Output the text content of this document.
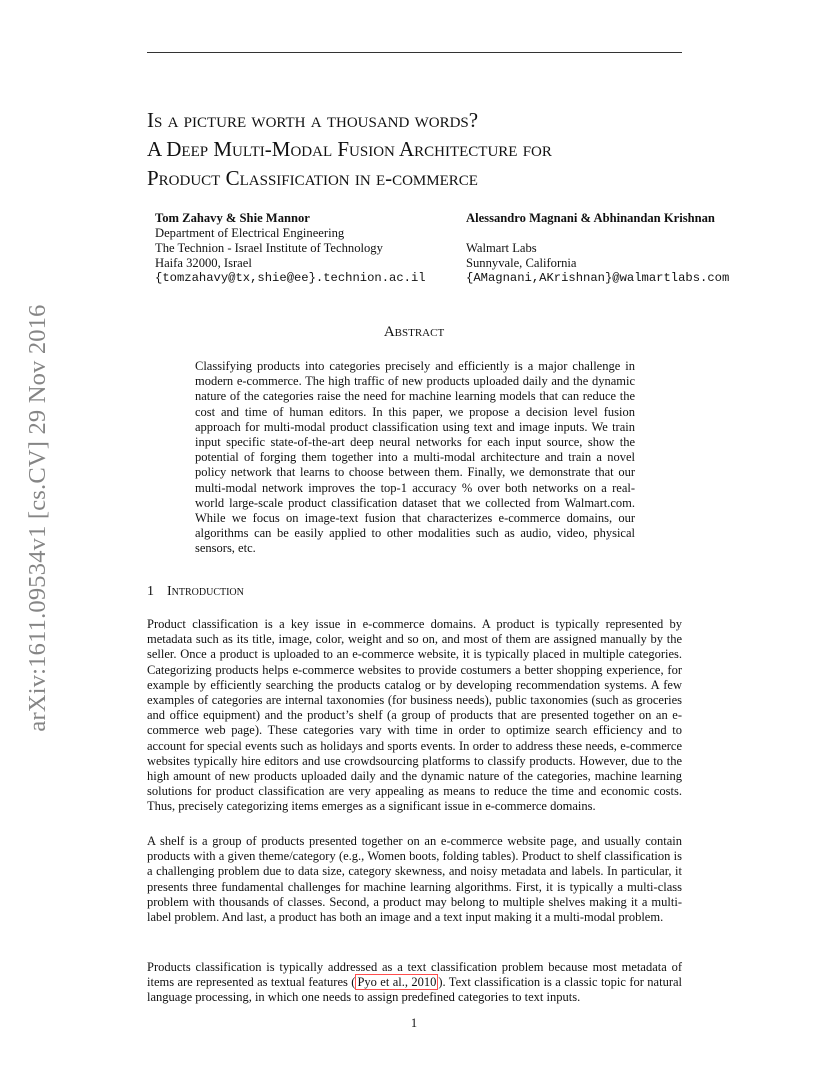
arXiv:1611.09534v1 [cs.CV] 29 Nov 2016
Is a picture worth a thousand words?
A Deep Multi-Modal Fusion Architecture for
Product Classification in e-commerce
Tom Zahavy & Shie Mannor
Department of Electrical Engineering
The Technion - Israel Institute of Technology
Haifa 32000, Israel
{tomzahavy@tx,shie@ee}.technion.ac.il
Alessandro Magnani & Abhinandan Krishnan

Walmart Labs
Sunnyvale, California
{AMagnani,AKrishnan}@walmartlabs.com
Abstract

Classifying products into categories precisely and efficiently is a major challenge in modern e-commerce. The high traffic of new products uploaded daily and the dynamic nature of the categories raise the need for machine learning models that can reduce the cost and time of human editors. In this paper, we propose a decision level fusion approach for multi-modal product classification using text and image inputs. We train input specific state-of-the-art deep neural networks for each input source, show the potential of forging them together into a multi-modal architecture and train a novel policy network that learns to choose between them. Finally, we demonstrate that our multi-modal network improves the top-1 accuracy % over both networks on a real-world large-scale product classification dataset that we collected from Walmart.com. While we focus on image-text fusion that characterizes e-commerce domains, our algorithms can be easily applied to other modalities such as audio, video, physical sensors, etc.

1 Introduction

Product classification is a key issue in e-commerce domains. A product is typically represented by metadata such as its title, image, color, weight and so on, and most of them are assigned manually by the seller. Once a product is uploaded to an e-commerce website, it is typically placed in multiple categories. Categorizing products helps e-commerce websites to provide costumers a better shopping experience, for example by efficiently searching the products catalog or by developing recommendation systems. A few examples of categories are internal taxonomies (for business needs), public taxonomies (such as groceries and office equipment) and the product’s shelf (a group of products that are presented together on an e-commerce web page). These categories vary with time in order to optimize search efficiency and to account for special events such as holidays and sports events. In order to address these needs, e-commerce websites typically hire editors and use crowdsourcing platforms to classify products. However, due to the high amount of new products uploaded daily and the dynamic nature of the categories, machine learning solutions for product classification are very appealing as means to reduce the time and economic costs. Thus, precisely categorizing items emerges as a significant issue in e-commerce domains.

A shelf is a group of products presented together on an e-commerce website page, and usually contain products with a given theme/category (e.g., Women boots, folding tables). Product to shelf classification is a challenging problem due to data size, category skewness, and noisy metadata and labels. In particular, it presents three fundamental challenges for machine learning algorithms. First, it is typically a multi-class problem with thousands of classes. Second, a product may belong to multiple shelves making it a multi-label problem. And last, a product has both an image and a text input making it a multi-modal problem.

Products classification is typically addressed as a text classification problem because most metadata of items are represented as textual features ( Pyo et al., 2010 ). Text classification is a classic topic for natural language processing, in which one needs to assign predefined categories to text inputs.

1
